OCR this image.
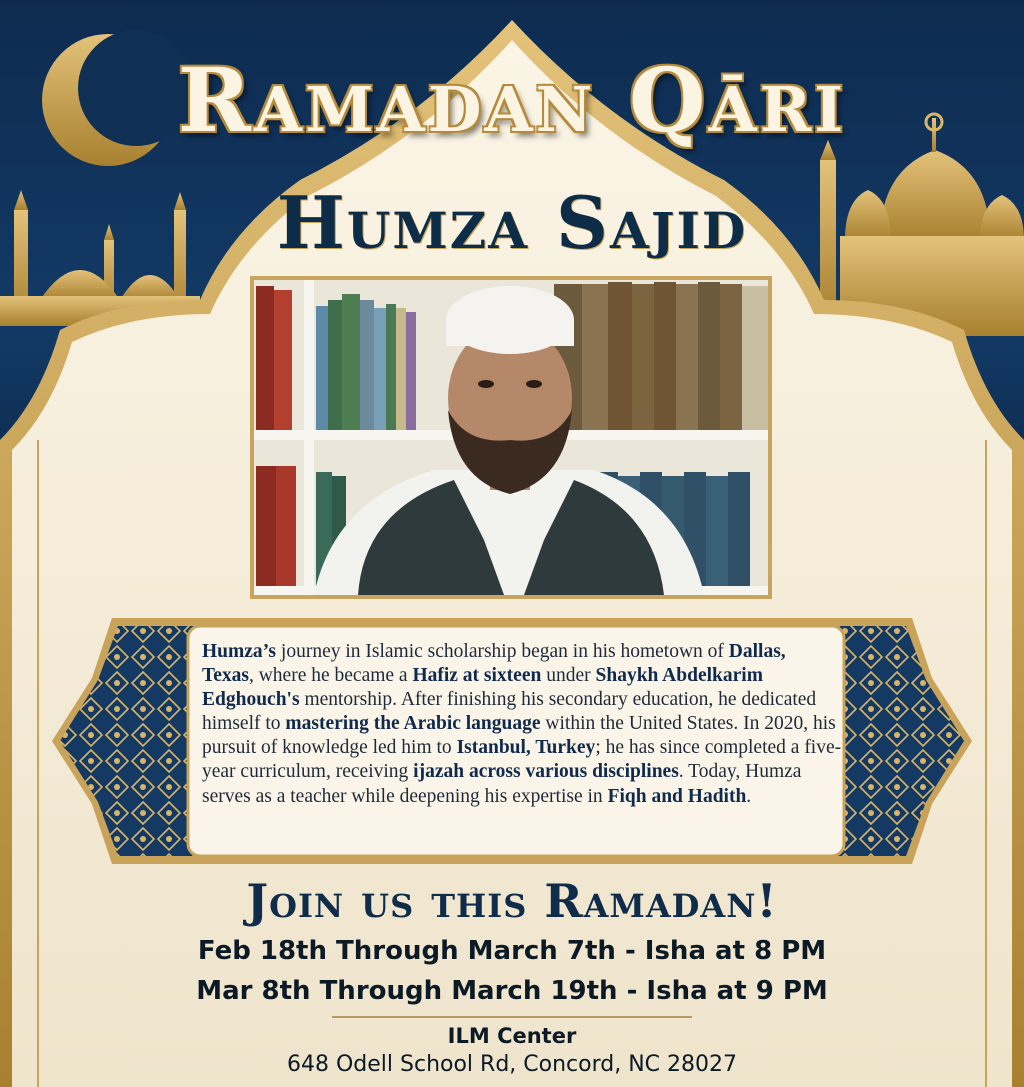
Ramadan Qāri
Humza Sajid
Humza’s journey in Islamic scholarship began in his hometown of Dallas, Texas, where he became a Hafiz at sixteen under Shaykh Abdelkarim Edghouch's mentorship. After finishing his secondary education, he dedicated himself to mastering the Arabic language within the United States. In 2020, his pursuit of knowledge led him to Istanbul, Turkey; he has since completed a five-year curriculum, receiving ijazah across various disciplines. Today, Humza serves as a teacher while deepening his expertise in Fiqh and Hadith.
Join us this Ramadan!
Feb 18th Through March 7th - Isha at 8 PM
Mar 8th Through March 19th - Isha at 9 PM
ILM Center
648 Odell School Rd, Concord, NC 28027
